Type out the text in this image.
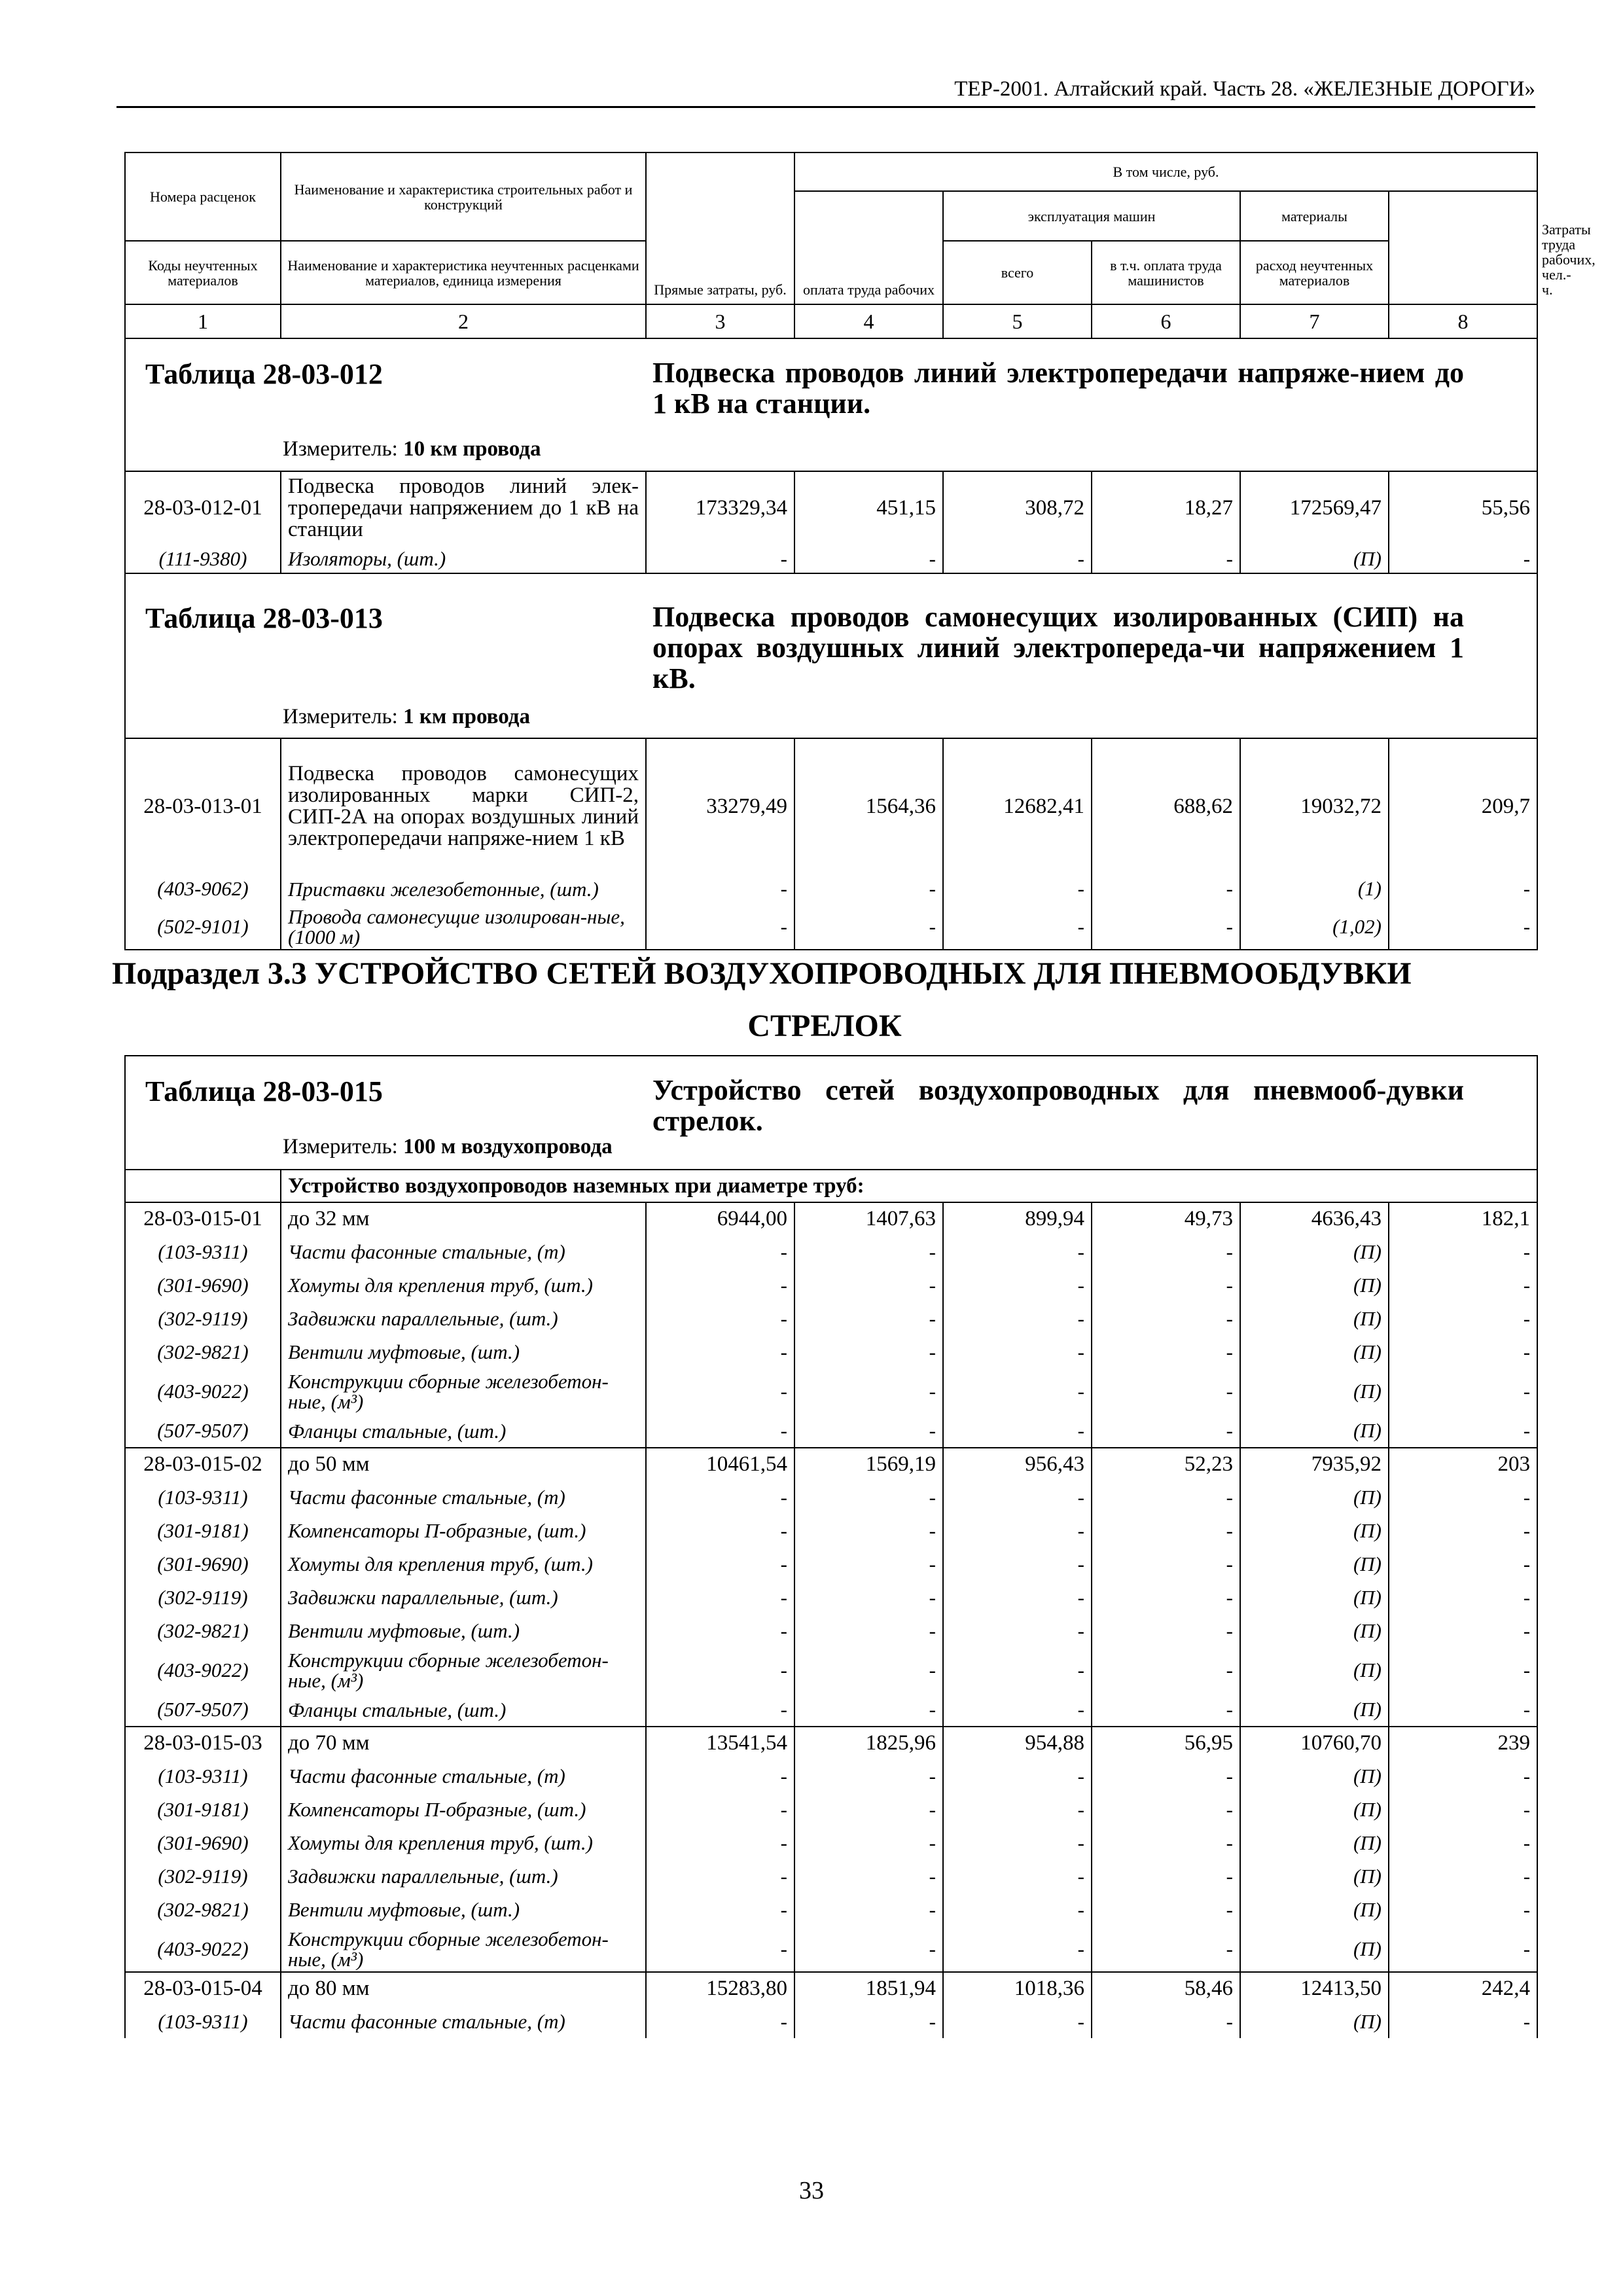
ТЕР-2001. Алтайский край. Часть 28. «ЖЕЛЕЗНЫЕ ДОРОГИ»
Номера расценок	Наименование и характеристика строительных работ и конструкций	Прямые затраты, руб.	В том числе, руб.					Затраты труда рабочих, чел.-ч.
			оплата труда рабочих	эксплуатация машин		материалы		
Коды неучтенных материалов	Наименование и характеристика неучтенных расценками материалов, единица измерения			всего	в т.ч. оплата труда машинистов	расход неучтенных материалов		
1	2	3	4	5	6	7	8	

Таблица 28-03-012 Подвеска проводов линий электропередачи напряже-нием до 1 кВ на станции.
Измеритель: 10 км провода								

28-03-012-01	Подвеска проводов линий элек-тропередачи напряжением до 1 кВ на станции	173329,34	451,15	308,72	18,27	172569,47	55,56	
(111-9380)	Изоляторы, (шт.)	-	-	-	-	(П)	-	

Таблица 28-03-013 Подвеска проводов самонесущих изолированных (СИП) на опорах воздушных линий электропереда-чи напряжением 1 кВ.
Измеритель: 1 км провода								

28-03-013-01	Подвеска проводов самонесущих изолированных марки СИП-2, СИП-2А на опорах воздушных линий электропередачи напряже-нием 1 кВ	33279,49	1564,36	12682,41	688,62	19032,72	209,7	
(403-9062)	Приставки железобетонные, (шт.)	-	-	-	-	(1)	-	
(502-9101)	Провода самонесущие изолирован-ные, (1000 м)	-	-	-	-	(1,02)	-	

Подраздел 3.3 УСТРОЙСТВО СЕТЕЙ ВОЗДУХОПРОВОДНЫХ ДЛЯ ПНЕВМООБДУВКИ
СТРЕЛОК								

Таблица 28-03-015 Устройство сетей воздухопроводных для пневмооб-дувки стрелок.
Измеритель: 100 м воздухопровода								

	Устройство воздухопроводов наземных при диаметре труб:							
28-03-015-01	до 32 мм	6944,00	1407,63	899,94	49,73	4636,43	182,1	
(103-9311)	Части фасонные стальные, (т)	-	-	-	-	(П)	-	
(301-9690)	Хомуты для крепления труб, (шт.)	-	-	-	-	(П)	-	
(302-9119)	Задвижки параллельные, (шт.)	-	-	-	-	(П)	-	
(302-9821)	Вентили муфтовые, (шт.)	-	-	-	-	(П)	-	
(403-9022)	Конструкции сборные железобетон-ные, (м³)	-	-	-	-	(П)	-	
(507-9507)	Фланцы стальные, (шт.)	-	-	-	-	(П)	-	
28-03-015-02	до 50 мм	10461,54	1569,19	956,43	52,23	7935,92	203	
(103-9311)	Части фасонные стальные, (т)	-	-	-	-	(П)	-	
(301-9181)	Компенсаторы П-образные, (шт.)	-	-	-	-	(П)	-	
(301-9690)	Хомуты для крепления труб, (шт.)	-	-	-	-	(П)	-	
(302-9119)	Задвижки параллельные, (шт.)	-	-	-	-	(П)	-	
(302-9821)	Вентили муфтовые, (шт.)	-	-	-	-	(П)	-	
(403-9022)	Конструкции сборные железобетон-ные, (м³)	-	-	-	-	(П)	-	
(507-9507)	Фланцы стальные, (шт.)	-	-	-	-	(П)	-	
28-03-015-03	до 70 мм	13541,54	1825,96	954,88	56,95	10760,70	239	
(103-9311)	Части фасонные стальные, (т)	-	-	-	-	(П)	-	
(301-9181)	Компенсаторы П-образные, (шт.)	-	-	-	-	(П)	-	
(301-9690)	Хомуты для крепления труб, (шт.)	-	-	-	-	(П)	-	
(302-9119)	Задвижки параллельные, (шт.)	-	-	-	-	(П)	-	
(302-9821)	Вентили муфтовые, (шт.)	-	-	-	-	(П)	-	
(403-9022)	Конструкции сборные железобетон-ные, (м³)	-	-	-	-	(П)	-	
28-03-015-04	до 80 мм	15283,80	1851,94	1018,36	58,46	12413,50	242,4	
(103-9311)	Части фасонные стальные, (т)	-	-	-	-	(П)	-	
33
